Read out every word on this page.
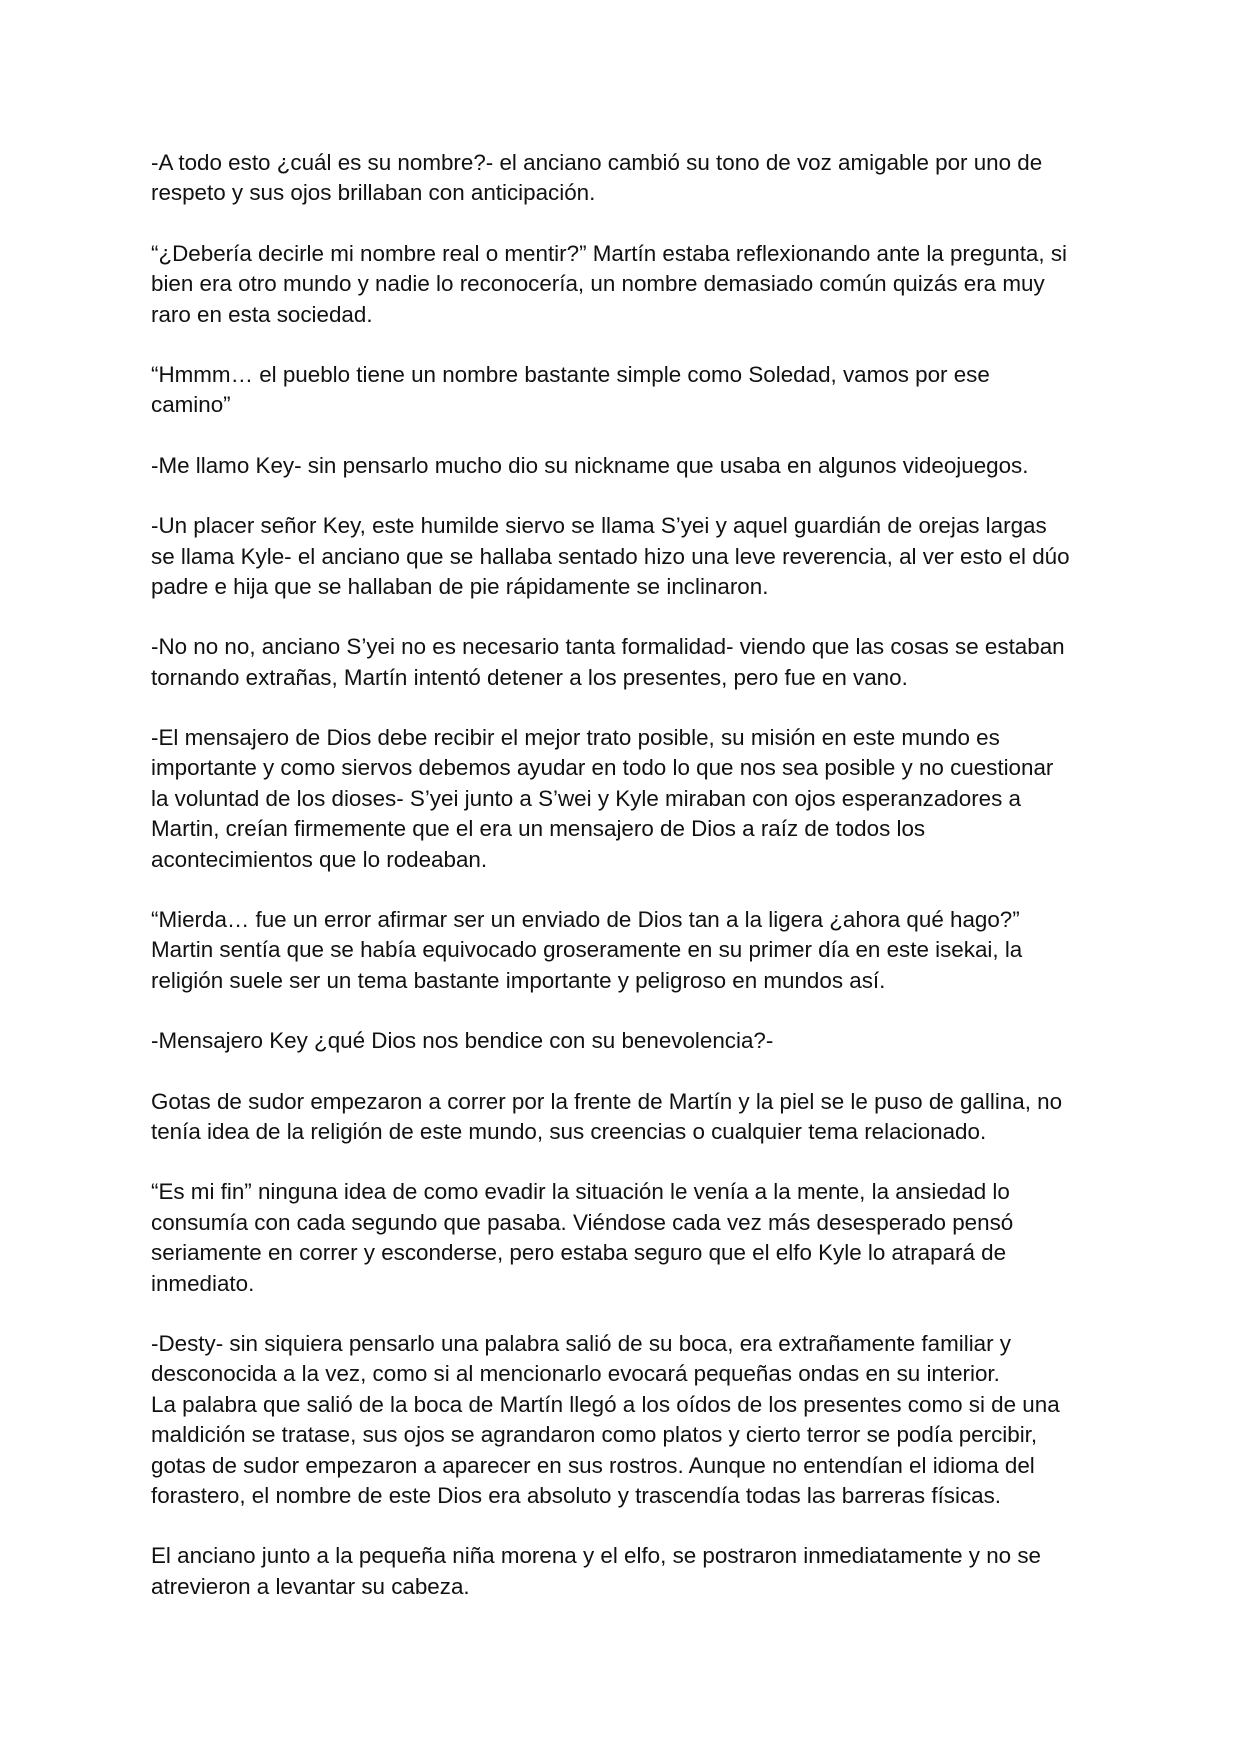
-A todo esto ¿cuál es su nombre?- el anciano cambió su tono de voz amigable por uno de
respeto y sus ojos brillaban con anticipación.
“¿Debería decirle mi nombre real o mentir?” Martín estaba reflexionando ante la pregunta, si
bien era otro mundo y nadie lo reconocería, un nombre demasiado común quizás era muy
raro en esta sociedad.
“Hmmm… el pueblo tiene un nombre bastante simple como Soledad, vamos por ese
camino”
-Me llamo Key- sin pensarlo mucho dio su nickname que usaba en algunos videojuegos.
-Un placer señor Key, este humilde siervo se llama S’yei y aquel guardián de orejas largas
se llama Kyle- el anciano que se hallaba sentado hizo una leve reverencia, al ver esto el dúo
padre e hija que se hallaban de pie rápidamente se inclinaron.
-No no no, anciano S’yei no es necesario tanta formalidad- viendo que las cosas se estaban
tornando extrañas, Martín intentó detener a los presentes, pero fue en vano.
-El mensajero de Dios debe recibir el mejor trato posible, su misión en este mundo es
importante y como siervos debemos ayudar en todo lo que nos sea posible y no cuestionar
la voluntad de los dioses- S’yei junto a S’wei y Kyle miraban con ojos esperanzadores a
Martin, creían firmemente que el era un mensajero de Dios a raíz de todos los
acontecimientos que lo rodeaban.
“Mierda… fue un error afirmar ser un enviado de Dios tan a la ligera ¿ahora qué hago?”
Martin sentía que se había equivocado groseramente en su primer día en este isekai, la
religión suele ser un tema bastante importante y peligroso en mundos así.
-Mensajero Key ¿qué Dios nos bendice con su benevolencia?-
Gotas de sudor empezaron a correr por la frente de Martín y la piel se le puso de gallina, no
tenía idea de la religión de este mundo, sus creencias o cualquier tema relacionado.
“Es mi fin” ninguna idea de como evadir la situación le venía a la mente, la ansiedad lo
consumía con cada segundo que pasaba. Viéndose cada vez más desesperado pensó
seriamente en correr y esconderse, pero estaba seguro que el elfo Kyle lo atrapará de
inmediato.
-Desty- sin siquiera pensarlo una palabra salió de su boca, era extrañamente familiar y
desconocida a la vez, como si al mencionarlo evocará pequeñas ondas en su interior.
La palabra que salió de la boca de Martín llegó a los oídos de los presentes como si de una
maldición se tratase, sus ojos se agrandaron como platos y cierto terror se podía percibir,
gotas de sudor empezaron a aparecer en sus rostros. Aunque no entendían el idioma del
forastero, el nombre de este Dios era absoluto y trascendía todas las barreras físicas.
El anciano junto a la pequeña niña morena y el elfo, se postraron inmediatamente y no se
atrevieron a levantar su cabeza.
